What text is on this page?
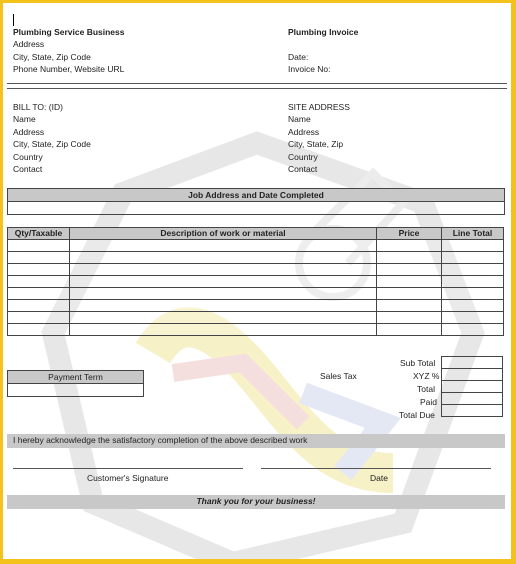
Plumbing Service Business
Address
City, State, Zip Code
Phone Number, Website URL
Plumbing Invoice
Date:
Invoice No:
BILL TO: (ID)
Name
Address
City, State, Zip Code
Country
Contact
SITE ADDRESS
Name
Address
City, State, Zip
Country
Contact
Job Address and Date Completed
Qty/Taxable	Description of work or material	Price	Line Total

Sub Total
Sales Tax	XYZ %
Total
Paid
Total Due

Payment Term
I hereby acknowledge the satisfactory completion of the above described work
Customer's Signature	Date
Thank you for your business!
